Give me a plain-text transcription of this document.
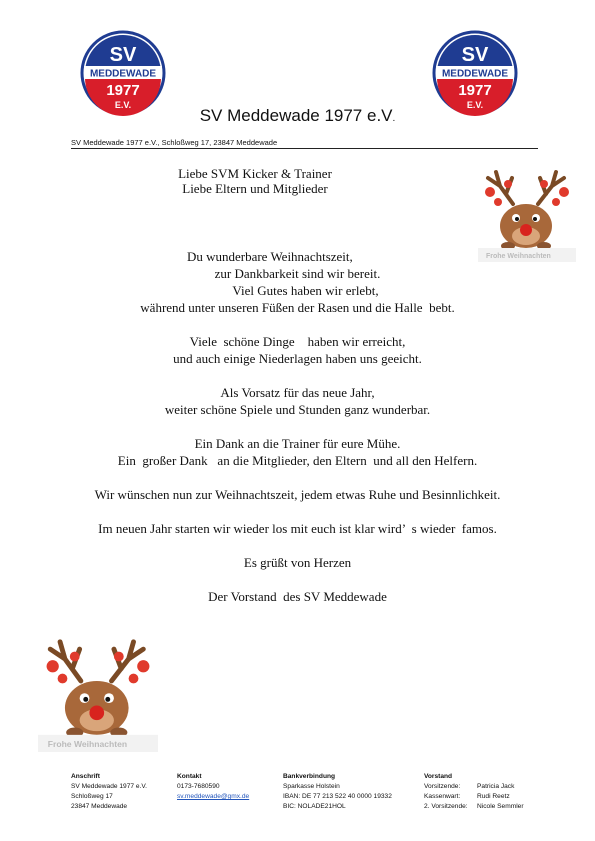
SV
MEDDEWADE
1977
E.V.
SV
MEDDEWADE
1977
E.V.
SV Meddewade 1977 e.V.
SV Meddewade 1977 e.V., Schloßweg 17, 23847 Meddewade
Liebe SVM Kicker & Trainer
Liebe Eltern und Mitglieder
Frohe Weihnachten
Du wunderbare Weihnachtszeit,
zur Dankbarkeit sind wir bereit.
Viel Gutes haben wir erlebt,
während unter unseren Füßen der Rasen und die Halle  bebt.
Viele  schöne Dinge    haben wir erreicht,
und auch einige Niederlagen haben uns geeicht.
Als Vorsatz für das neue Jahr,
weiter schöne Spiele und Stunden ganz wunderbar.
Ein Dank an die Trainer für eure Mühe.
Ein  großer Dank   an die Mitglieder, den Eltern  und all den Helfern.
Wir wünschen nun zur Weihnachtszeit, jedem etwas Ruhe und Besinnlichkeit.
Im neuen Jahr starten wir wieder los mit euch ist klar wird’  s wieder  famos.
Es grüßt von Herzen
Der Vorstand  des SV Meddewade
Frohe Weihnachten
Anschrift
SV Meddewade 1977 e.V.
Schloßweg 17
23847 Meddewade
Kontakt
0173-7680590
sv.meddewade@gmx.de
Bankverbindung
Sparkasse Holstein
IBAN: DE 77 213 522 40 0000 19332
BIC: NOLADE21HOL
Vorstand
Vorsitzende:	Patricia Jack
Kassenwart:	Rudi Reetz
2. Vorsitzende:	Nicole Semmler
